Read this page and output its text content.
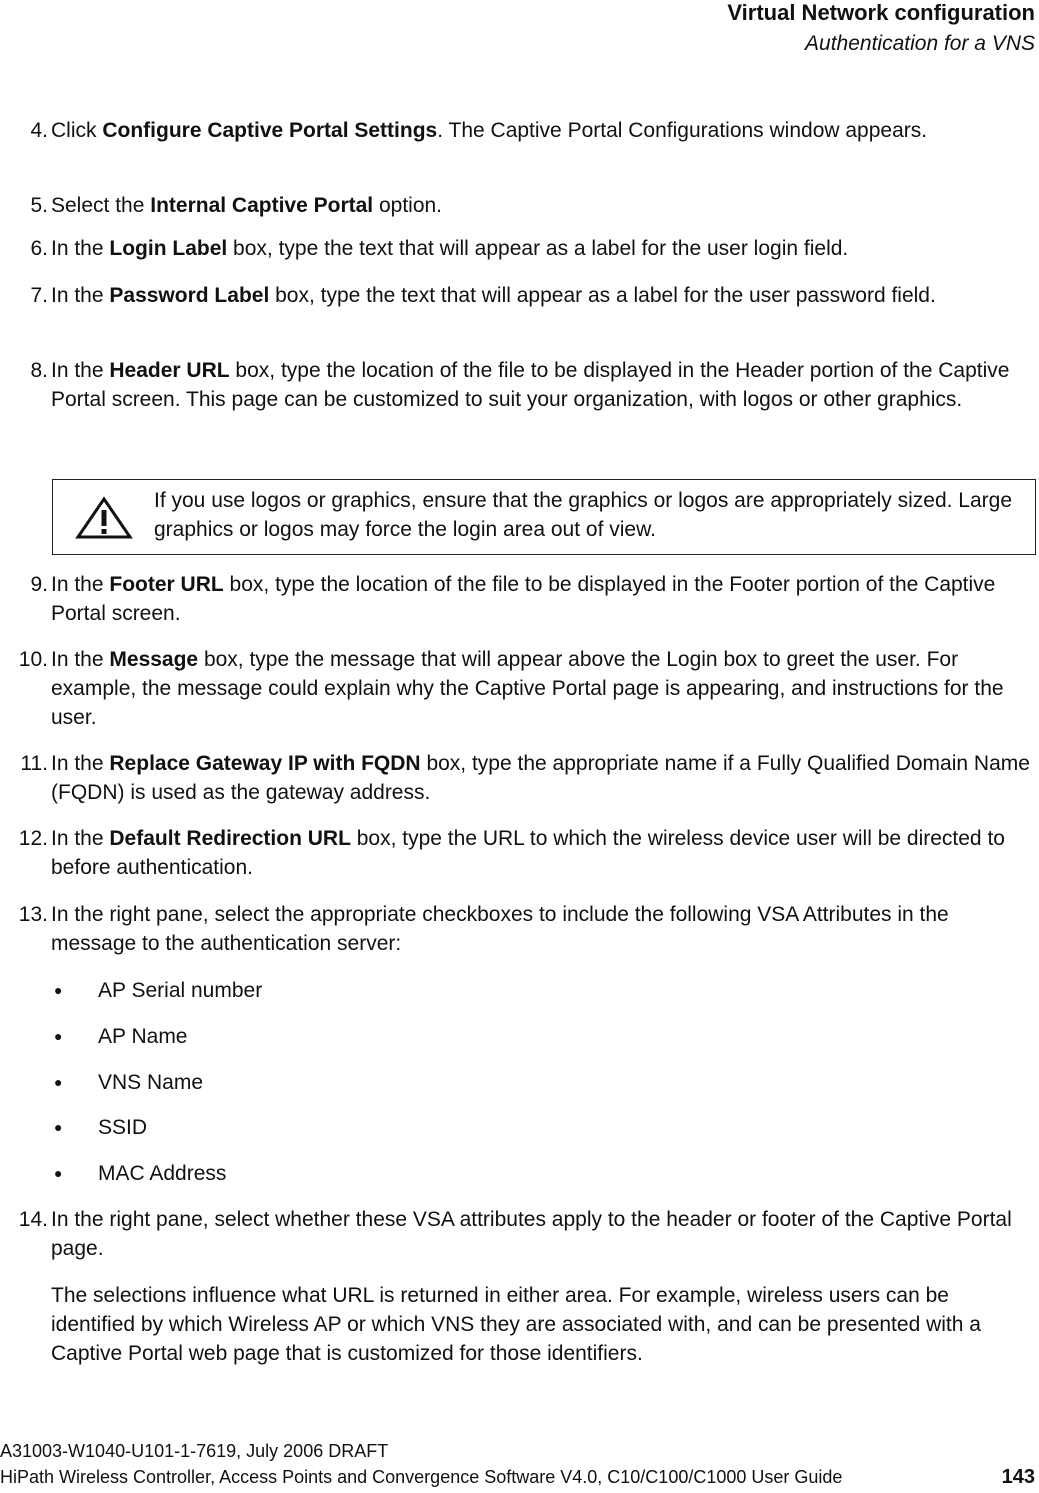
Virtual Network configuration
Authentication for a VNS
4. Click Configure Captive Portal Settings. The Captive Portal Configurations window appears.
5. Select the Internal Captive Portal option.
6. In the Login Label box, type the text that will appear as a label for the user login field.
7. In the Password Label box, type the text that will appear as a label for the user password field.
8. In the Header URL box, type the location of the file to be displayed in the Header portion of the Captive Portal screen. This page can be customized to suit your organization, with logos or other graphics.
If you use logos or graphics, ensure that the graphics or logos are appropriately sized. Large graphics or logos may force the login area out of view.
9. In the Footer URL box, type the location of the file to be displayed in the Footer portion of the Captive Portal screen.
10. In the Message box, type the message that will appear above the Login box to greet the user. For example, the message could explain why the Captive Portal page is appearing, and instructions for the user.
11. In the Replace Gateway IP with FQDN box, type the appropriate name if a Fully Qualified Domain Name (FQDN) is used as the gateway address.
12. In the Default Redirection URL box, type the URL to which the wireless device user will be directed to before authentication.
13. In the right pane, select the appropriate checkboxes to include the following VSA Attributes in the message to the authentication server:
● AP Serial number
● AP Name
● VNS Name
● SSID
● MAC Address
14. In the right pane, select whether these VSA attributes apply to the header or footer of the Captive Portal page.
The selections influence what URL is returned in either area. For example, wireless users can be identified by which Wireless AP or which VNS they are associated with, and can be presented with a Captive Portal web page that is customized for those identifiers.
A31003-W1040-U101-1-7619, July 2006 DRAFT
HiPath Wireless Controller, Access Points and Convergence Software V4.0, C10/C100/C1000 User Guide	143
